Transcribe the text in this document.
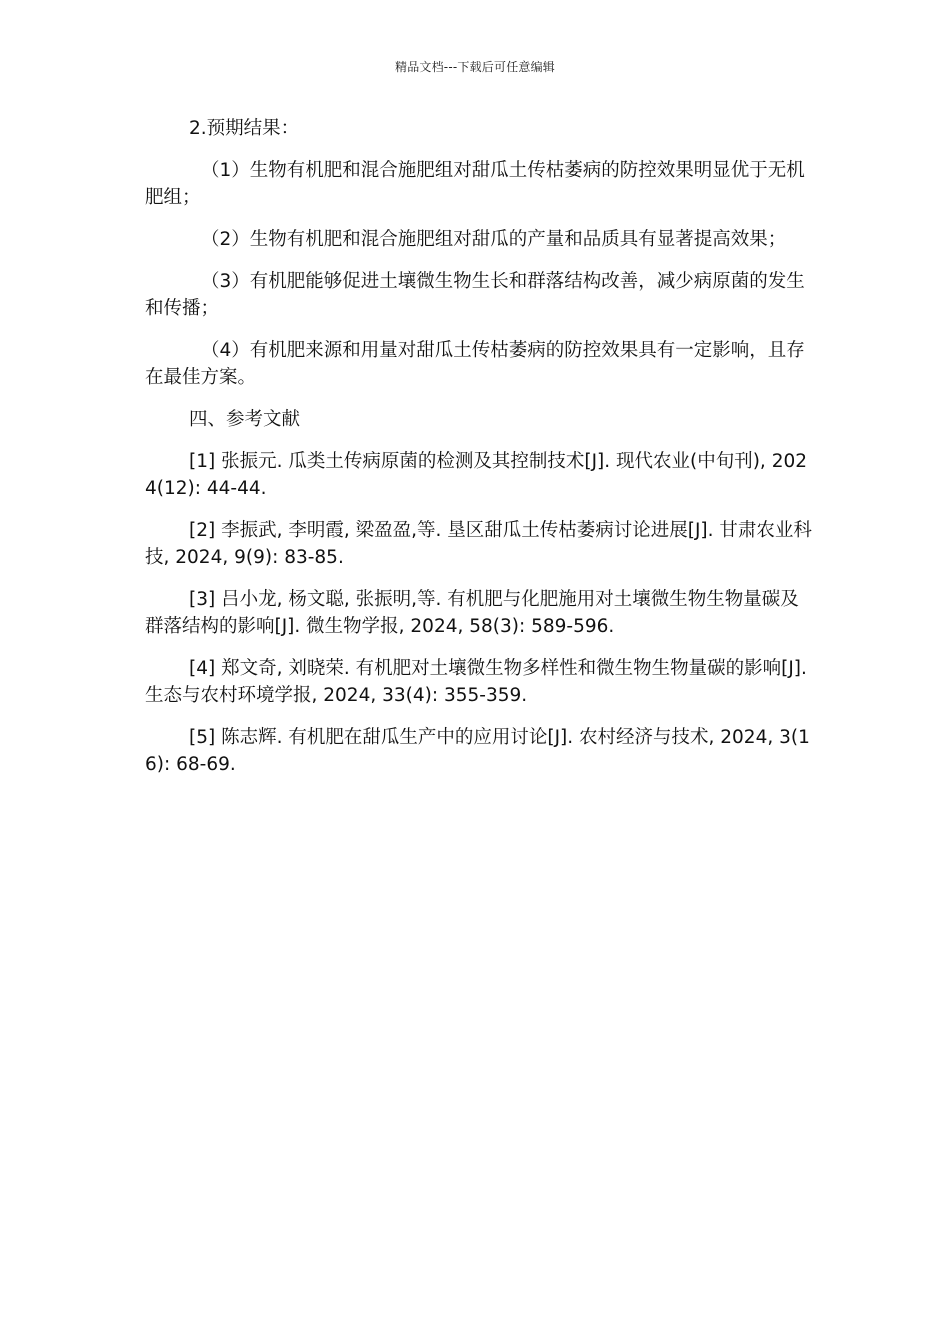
精品文档---下载后可任意编辑

2.预期结果：

（1）生物有机肥和混合施肥组对甜瓜土传枯萎病的防控效果明显优于无机肥组；

（2）生物有机肥和混合施肥组对甜瓜的产量和品质具有显著提高效果；

（3）有机肥能够促进土壤微生物生长和群落结构改善，减少病原菌的发生和传播；

（4）有机肥来源和用量对甜瓜土传枯萎病的防控效果具有一定影响，且存在最佳方案。

四、参考文献

[1] 张振元. 瓜类土传病原菌的检测及其控制技术[J]. 现代农业(中旬刊), 2024(12): 44-44.

[2] 李振武, 李明霞, 梁盈盈,等. 垦区甜瓜土传枯萎病讨论进展[J]. 甘肃农业科技, 2024, 9(9): 83-85.

[3] 吕小龙, 杨文聪, 张振明,等. 有机肥与化肥施用对土壤微生物生物量碳及群落结构的影响[J]. 微生物学报, 2024, 58(3): 589-596.

[4] 郑文奇, 刘晓荣. 有机肥对土壤微生物多样性和微生物生物量碳的影响[J]. 生态与农村环境学报, 2024, 33(4): 355-359.

[5] 陈志辉. 有机肥在甜瓜生产中的应用讨论[J]. 农村经济与技术, 2024, 3(16): 68-69.
